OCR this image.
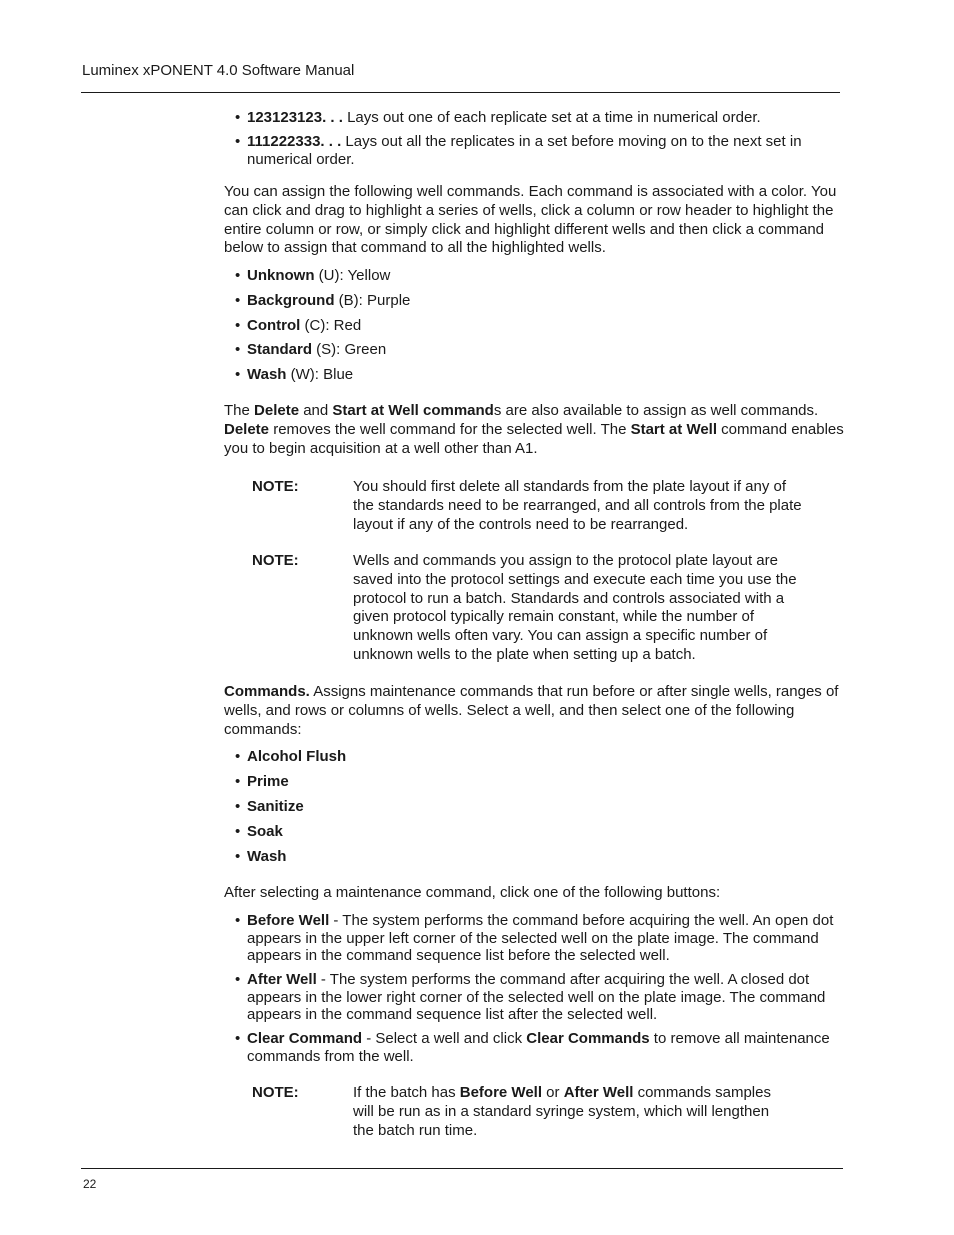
Luminex xPONENT 4.0 Software Manual
• 123123123. . . Lays out one of each replicate set at a time in numerical order.
• 111222333. . . Lays out all the replicates in a set before moving on to the next set in numerical order.
You can assign the following well commands. Each command is associated with a color. You can click and drag to highlight a series of wells, click a column or row header to highlight the entire column or row, or simply click and highlight different wells and then click a command below to assign that command to all the highlighted wells.
• Unknown (U): Yellow
• Background (B): Purple
• Control (C): Red
• Standard (S): Green
• Wash (W): Blue
The Delete and Start at Well commands are also available to assign as well commands. Delete removes the well command for the selected well. The Start at Well command enables you to begin acquisition at a well other than A1.
NOTE:	You should first delete all standards from the plate layout if any of the standards need to be rearranged, and all controls from the plate layout if any of the controls need to be rearranged.
NOTE:	Wells and commands you assign to the protocol plate layout are saved into the protocol settings and execute each time you use the protocol to run a batch. Standards and controls associated with a given protocol typically remain constant, while the number of unknown wells often vary. You can assign a specific number of unknown wells to the plate when setting up a batch.
Commands. Assigns maintenance commands that run before or after single wells, ranges of wells, and rows or columns of wells. Select a well, and then select one of the following commands:
• Alcohol Flush
• Prime
• Sanitize
• Soak
• Wash
After selecting a maintenance command, click one of the following buttons:
• Before Well - The system performs the command before acquiring the well. An open dot appears in the upper left corner of the selected well on the plate image. The command appears in the command sequence list before the selected well.
• After Well - The system performs the command after acquiring the well. A closed dot appears in the lower right corner of the selected well on the plate image. The command appears in the command sequence list after the selected well.
• Clear Command - Select a well and click Clear Commands to remove all maintenance commands from the well.
NOTE:	If the batch has Before Well or After Well commands samples will be run as in a standard syringe system, which will lengthen the batch run time.
22
